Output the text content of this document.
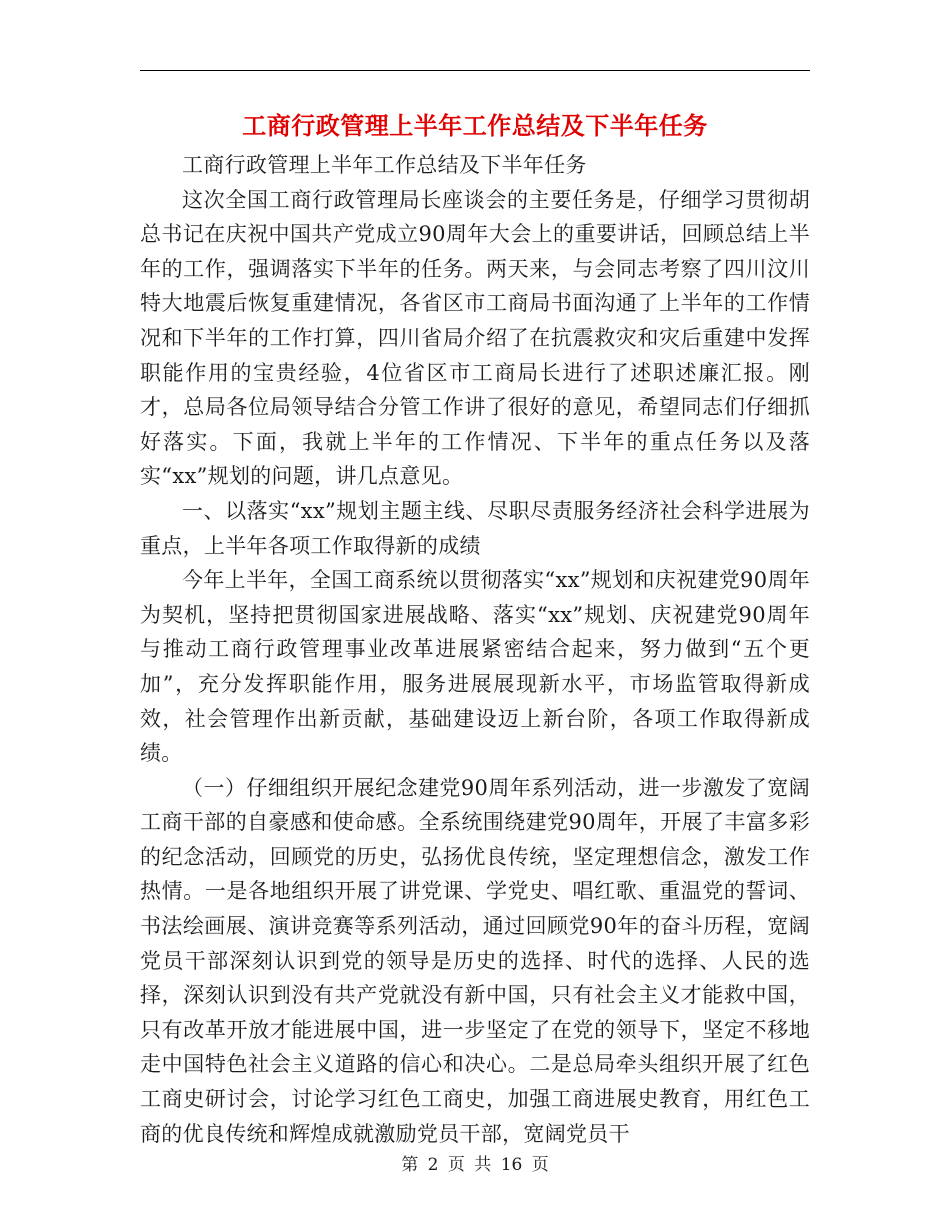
工商行政管理上半年工作总结及下半年任务

工商行政管理上半年工作总结及下半年任务

这次全国工商行政管理局长座谈会的主要任务是，仔细学习贯彻胡总书记在庆祝中国共产党成立90周年大会上的重要讲话，回顾总结上半年的工作，强调落实下半年的任务。两天来，与会同志考察了四川汶川特大地震后恢复重建情况，各省区市工商局书面沟通了上半年的工作情况和下半年的工作打算，四川省局介绍了在抗震救灾和灾后重建中发挥职能作用的宝贵经验，4位省区市工商局长进行了述职述廉汇报。刚才，总局各位局领导结合分管工作讲了很好的意见，希望同志们仔细抓好落实。下面，我就上半年的工作情况、下半年的重点任务以及落实“xx”规划的问题，讲几点意见。

一、以落实“xx”规划主题主线、尽职尽责服务经济社会科学进展为重点，上半年各项工作取得新的成绩

今年上半年，全国工商系统以贯彻落实“xx”规划和庆祝建党90周年为契机，坚持把贯彻国家进展战略、落实“xx”规划、庆祝建党90周年与推动工商行政管理事业改革进展紧密结合起来，努力做到“五个更加”，充分发挥职能作用，服务进展展现新水平，市场监管取得新成效，社会管理作出新贡献，基础建设迈上新台阶，各项工作取得新成绩。

（一）仔细组织开展纪念建党90周年系列活动，进一步激发了宽阔工商干部的自豪感和使命感。全系统围绕建党90周年，开展了丰富多彩的纪念活动，回顾党的历史，弘扬优良传统，坚定理想信念，激发工作热情。一是各地组织开展了讲党课、学党史、唱红歌、重温党的誓词、书法绘画展、演讲竞赛等系列活动，通过回顾党90年的奋斗历程，宽阔党员干部深刻认识到党的领导是历史的选择、时代的选择、人民的选择，深刻认识到没有共产党就没有新中国，只有社会主义才能救中国，只有改革开放才能进展中国，进一步坚定了在党的领导下，坚定不移地走中国特色社会主义道路的信心和决心。二是总局牵头组织开展了红色工商史研讨会，讨论学习红色工商史，加强工商进展史教育，用红色工商的优良传统和辉煌成就激励党员干部，宽阔党员干

第 2 页 共 16 页
